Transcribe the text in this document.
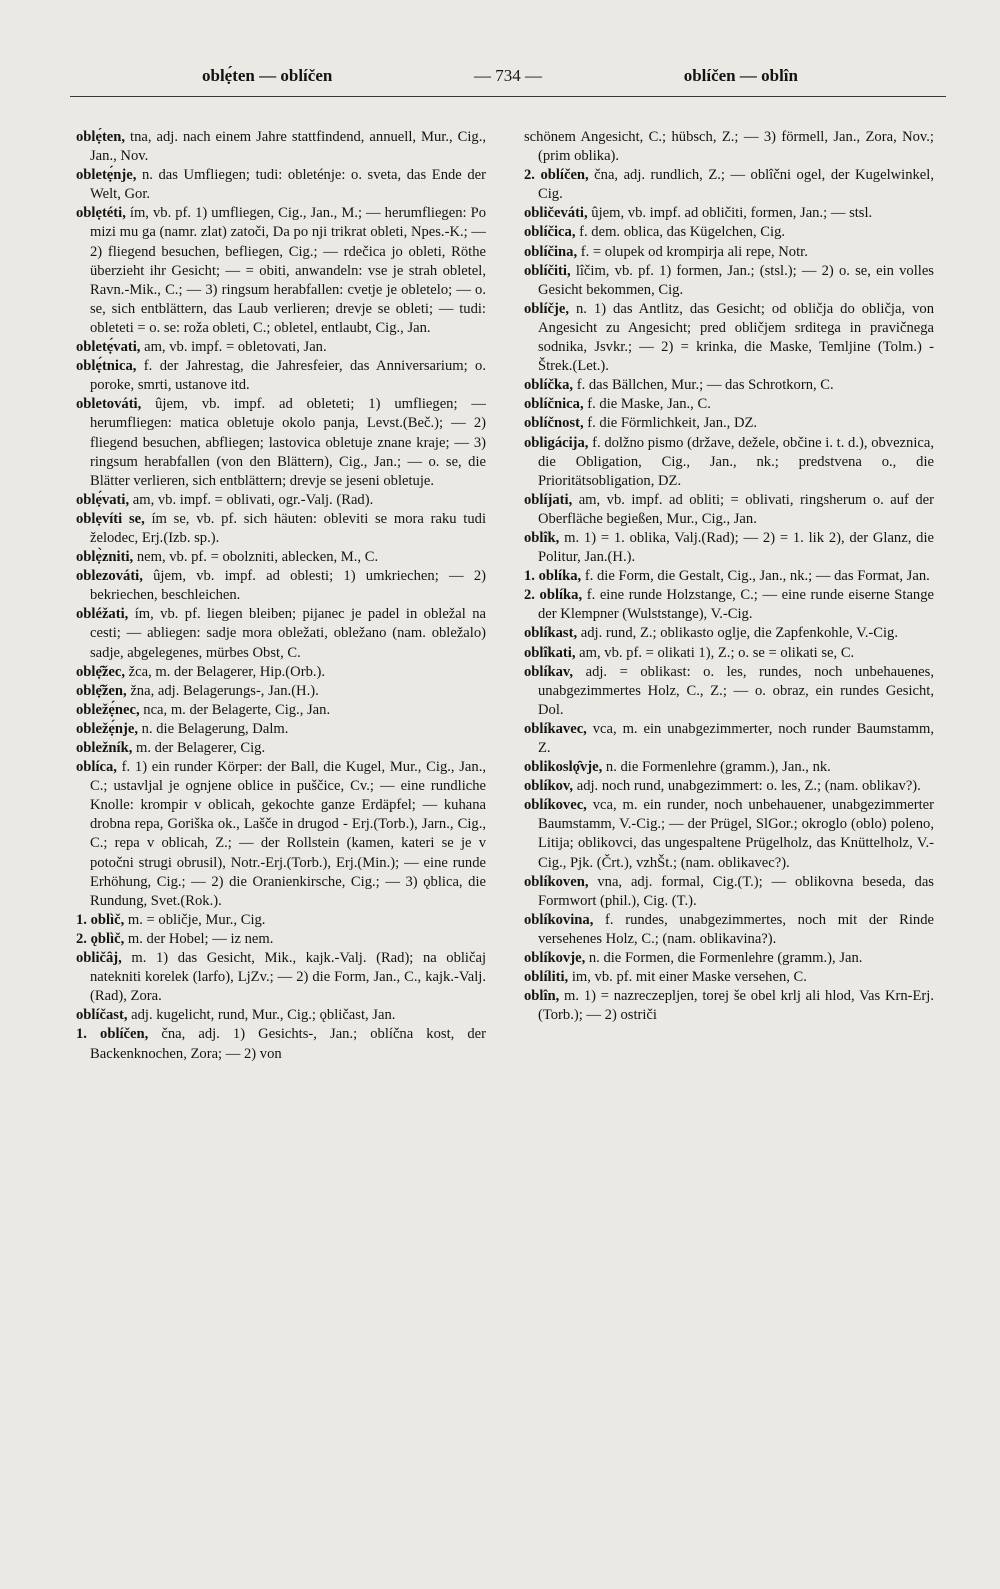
oblẹ́ten — oblíčen	— 734 —	oblíčen — oblîn

oblẹ́ten, tna, adj. nach einem Jahre stattfindend, annuell, Mur., Cig., Jan., Nov.

obletẹ́nje, n. das Umfliegen; tudi: obleténje: o. sveta, das Ende der Welt, Gor.

oblẹtéti, ím, vb. pf. 1) umfliegen, Cig., Jan., M.; — herumfliegen: Po mizi mu ga (namr. zlat) zatoči, Da po nji trikrat obleti, Npes.-K.; — 2) fliegend besuchen, befliegen, Cig.; — rdečica jo obleti, Röthe überzieht ihr Gesicht; — = obiti, anwandeln: vse je strah obletel, Ravn.-Mik., C.; — 3) ringsum herabfallen: cvetje je obletelo; — o. se, sich entblättern, das Laub verlieren; drevje se obleti; — tudi: obleteti = o. se: roža obleti, C.; obletel, entlaubt, Cig., Jan.

obletẹ́vati, am, vb. impf. = obletovati, Jan.

oblẹ́tnica, f. der Jahrestag, die Jahresfeier, das Anniversarium; o. poroke, smrti, ustanove itd.

obletováti, ûjem, vb. impf. ad obleteti; 1) umfliegen; — herumfliegen: matica obletuje okolo panja, Levst.(Beč.); — 2) fliegend besuchen, abfliegen; lastovica obletuje znane kraje; — 3) ringsum herabfallen (von den Blättern), Cig., Jan.; — o. se, die Blätter verlieren, sich entblättern; drevje se jeseni obletuje.

oblẹ́vati, am, vb. impf. = oblivati, ogr.-Valj. (Rad).

oblẹvíti se, ím se, vb. pf. sich häuten: obleviti se mora raku tudi želodec, Erj.(Izb. sp.).

oblẹ̀zniti, nem, vb. pf. = obolzniti, ablecken, M., C.

oblezováti, ûjem, vb. impf. ad oblesti; 1) umkriechen; — 2) bekriechen, beschleichen.

obléžati, ím, vb. pf. liegen bleiben; pijanec je padel in obležal na cesti; — abliegen: sadje mora obležati, obležano (nam. obležalo) sadje, abgelegenes, mürbes Obst, C.

oblẹ̑žec, žca, m. der Belagerer, Hip.(Orb.).

oblẹ̑žen, žna, adj. Belagerungs-, Jan.(H.).

obležẹ́nec, nca, m. der Belagerte, Cig., Jan.

obležẹ́nje, n. die Belagerung, Dalm.

obležník, m. der Belagerer, Cig.

oblíca, f. 1) ein runder Körper: der Ball, die Kugel, Mur., Cig., Jan., C.; ustavljal je ognjene oblice in puščice, Cv.; — eine rundliche Knolle: krompir v oblicah, gekochte ganze Erdäpfel; — kuhana drobna repa, Goriška ok., Lašče in drugod - Erj.(Torb.), Jarn., Cig., C.; repa v oblicah, Z.; — der Rollstein (kamen, kateri se je v potočni strugi obrusil), Notr.-Erj.(Torb.), Erj.(Min.); — eine runde Erhöhung, Cig.; — 2) die Oranienkirsche, Cig.; — 3) ǫblica, die Rundung, Svet.(Rok.).

1. oblìč, m. = obličje, Mur., Cig.

2. ǫblìč, m. der Hobel; — iz nem.

obličȃj, m. 1) das Gesicht, Mik., kajk.-Valj. (Rad); na obličaj natekniti korelek (larfo), LjZv.; — 2) die Form, Jan., C., kajk.-Valj. (Rad), Zora.

oblíčast, adj. kugelicht, rund, Mur., Cig.; ǫbličast, Jan.

1. oblíčen, čna, adj. 1) Gesichts-, Jan.; oblíčna kost, der Backenknochen, Zora; — 2) von

schönem Angesicht, C.; hübsch, Z.; — 3) förmell, Jan., Zora, Nov.; (prim oblika).

2. oblíčen, čna, adj. rundlich, Z.; — oblîčni ogel, der Kugelwinkel, Cig.

obličeváti, ûjem, vb. impf. ad obličiti, formen, Jan.; — stsl.

oblíčica, f. dem. oblica, das Kügelchen, Cig.

oblíčina, f. = olupek od krompirja ali repe, Notr.

oblíčiti, lîčim, vb. pf. 1) formen, Jan.; (stsl.); — 2) o. se, ein volles Gesicht bekommen, Cig.

oblíčje, n. 1) das Antlitz, das Gesicht; od obličja do obličja, von Angesicht zu Angesicht; pred obličjem srditega in pravičnega sodnika, Jsvkr.; — 2) = krinka, die Maske, Temljine (Tolm.) - Štrek.(Let.).

oblíčka, f. das Bällchen, Mur.; — das Schrotkorn, C.

oblíčnica, f. die Maske, Jan., C.

oblíčnost, f. die Förmlichkeit, Jan., DZ.

obligácija, f. dolžno pismo (države, dežele, občine i. t. d.), obveznica, die Obligation, Cig., Jan., nk.; predstvena o., die Prioritätsobligation, DZ.

oblíjati, am, vb. impf. ad obliti; = oblivati, ringsherum o. auf der Oberfläche begießen, Mur., Cig., Jan.

oblîk, m. 1) = 1. oblika, Valj.(Rad); — 2) = 1. lik 2), der Glanz, die Politur, Jan.(H.).

1. oblíka, f. die Form, die Gestalt, Cig., Jan., nk.; — das Format, Jan.

2. oblíka, f. eine runde Holzstange, C.; — eine runde eiserne Stange der Klempner (Wulststange), V.-Cig.

oblíkast, adj. rund, Z.; oblikasto oglje, die Zapfenkohle, V.-Cig.

oblîkati, am, vb. pf. = olikati 1), Z.; o. se = olikati se, C.

oblíkav, adj. = oblikast: o. les, rundes, noch unbehauenes, unabgezimmertes Holz, C., Z.; — o. obraz, ein rundes Gesicht, Dol.

oblíkavec, vca, m. ein unabgezimmerter, noch runder Baumstamm, Z.

oblikoslǫ̑vje, n. die Formenlehre (gramm.), Jan., nk.

oblíkov, adj. noch rund, unabgezimmert: o. les, Z.; (nam. oblikav?).

oblíkovec, vca, m. ein runder, noch unbehauener, unabgezimmerter Baumstamm, V.-Cig.; — der Prügel, SlGor.; okroglo (oblo) poleno, Litija; oblikovci, das ungespaltene Prügelholz, das Knüttelholz, V.-Cig., Pjk. (Črt.), vzhŠt.; (nam. oblikavec?).

oblíkoven, vna, adj. formal, Cig.(T.); — oblikovna beseda, das Formwort (phil.), Cig. (T.).

oblíkovina, f. rundes, unabgezimmertes, noch mit der Rinde versehenes Holz, C.; (nam. oblikavina?).

oblíkovje, n. die Formen, die Formenlehre (gramm.), Jan.

oblíliti, im, vb. pf. mit einer Maske versehen, C.

oblîn, m. 1) = nazreczepljen, torej še obel krlj ali hlod, Vas Krn-Erj.(Torb.); — 2) ostriči
